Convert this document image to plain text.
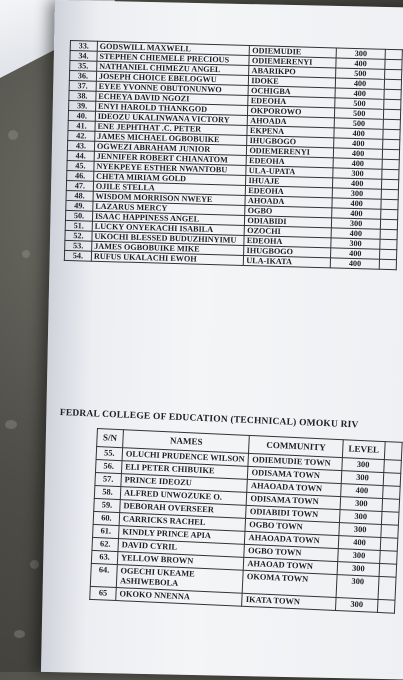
33.	GODSWILL MAXWELL	ODIEMUDIE	300	
34.	STEPHEN CHIEMELE PRECIOUS	ODIEMERENYI	400	
35.	NATHANIEL CHIMEZU ANGEL	ABARIKPO	500	
36.	JOSEPH CHOICE EBELOGWU	IDOKE	400	
37.	EYEE YVONNE OBUTONUNWO	OCHIGBA	400	
38.	ECHEYA DAVID NGOZI	EDEOHA	500	
39.	ENYI HAROLD THANKGOD	OKPOROWO	500	
40.	IDEOZU UKALINWANA VICTORY	AHOADA	500	
41.	ENE JEPHTHAT .C. PETER	EKPENA	400	
42.	JAMES MICHAEL OGBOBUIKE	IHUGBOGO	400	
43.	OGWEZI ABRAHAM JUNIOR	ODIEMERENYI	400	
44.	JENNIFER ROBERT CHIANATOM	EDEOHA	400	
45.	NYEKPEYE ESTHER NWANTOBU	ULA-UPATA	300	
46.	CHETA MIRIAM GOLD	IHUAJE	400	
47.	OJILE STELLA	EDEOHA	300	
48.	WISDOM MORRISON NWEYE	AHOADA	400	
49.	LAZARUS MERCY	OGBO	400	
50.	ISAAC HAPPINESS ANGEL	ODIABIDI	300	
51.	LUCKY ONYEKACHI ISABILA	OZOCHI	400	
52.	UKOCHI BLESSED BUDUZHINYIMU	EDEOHA	300	
53.	JAMES OGBOBUIKE MIKE	IHUGBOGO	400	
54.	RUFUS UKALACHI EWOH	ULA-IKATA	400	
FEDRAL COLLEGE OF EDUCATION (TECHNICAL) OMOKU RIV
S/N	NAMES	COMMUNITY	LEVEL	
55.	OLUCHI PRUDENCE WILSON	ODIEMUDIE TOWN	300	
56.	ELI PETER CHIBUIKE	ODISAMA TOWN	300	
57.	PRINCE IDEOZU	AHAOADA TOWN	400	
58.	ALFRED UNWOZUKE O.	ODISAMA TOWN	300	
59.	DEBORAH OVERSEER	ODIABIDI TOWN	300	
60.	CARRICKS RACHEL	OGBO TOWN	300	
61.	KINDLY PRINCE APIA	AHAOADA TOWN	400	
62.	DAVID CYRIL	OGBO TOWN	300	
63.	YELLOW BROWN	AHAOAD TOWN	300	
64.	OGECHI UKEAME ASHIWEBOLA	OKOMA TOWN	300	
65	OKOKO NNENNA	IKATA TOWN	300	
